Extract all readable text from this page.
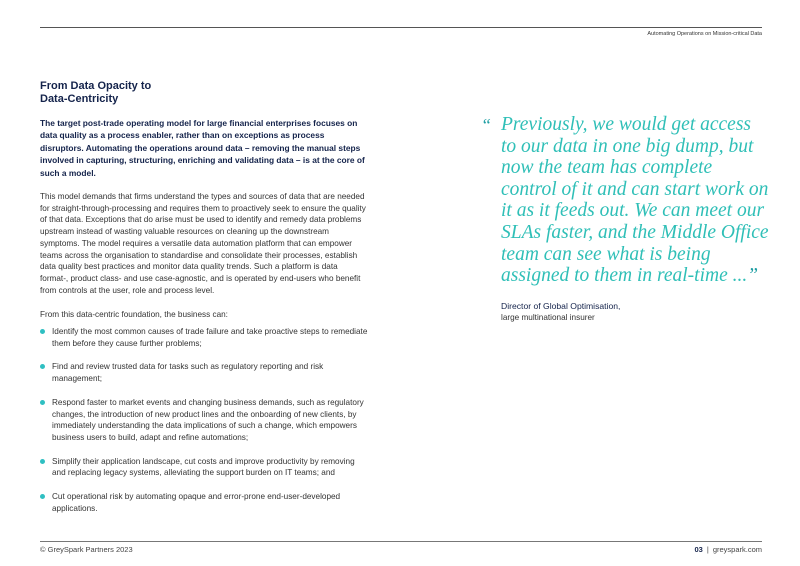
Automating Operations on Mission-critical Data
From Data Opacity to
Data-Centricity

The target post-trade operating model for large financial enterprises focuses on data quality as a process enabler, rather than on exceptions as process disruptors. Automating the operations around data – removing the manual steps involved in capturing, structuring, enriching and validating data – is at the core of such a model.

This model demands that firms understand the types and sources of data that are needed for straight-through-processing and requires them to proactively seek to ensure the quality of that data. Exceptions that do arise must be used to identify and remedy data problems upstream instead of wasting valuable resources on cleaning up the downstream symptoms. The model requires a versatile data automation platform that can empower teams across the organisation to standardise and consolidate their processes, establish data quality best practices and monitor data quality trends. Such a platform is data format-, product class- and use case-agnostic, and is operated by end-users who benefit from controls at the user, role and process level.

From this data-centric foundation, the business can:

Identify the most common causes of trade failure and take proactive steps to remediate them before they cause further problems;
Find and review trusted data for tasks such as regulatory reporting and risk management;
Respond faster to market events and changing business demands, such as regulatory changes, the introduction of new product lines and the onboarding of new clients, by immediately understanding the data implications of such a change, which empowers business users to build, adapt and refine automations;
Simplify their application landscape, cut costs and improve productivity by removing and replacing legacy systems, alleviating the support burden on IT teams; and
Cut operational risk by automating opaque and error-prone end-user-developed applications.
“ Previously, we would get access to our data in one big dump, but now the team has complete control of it and can start work on it as it feeds out. We can meet our SLAs faster, and the Middle Office team can see what is being assigned to them in real-time ...”

Director of Global Optimisation,
large multinational insurer
© GreySpark Partners 2023	03 | greyspark.com
